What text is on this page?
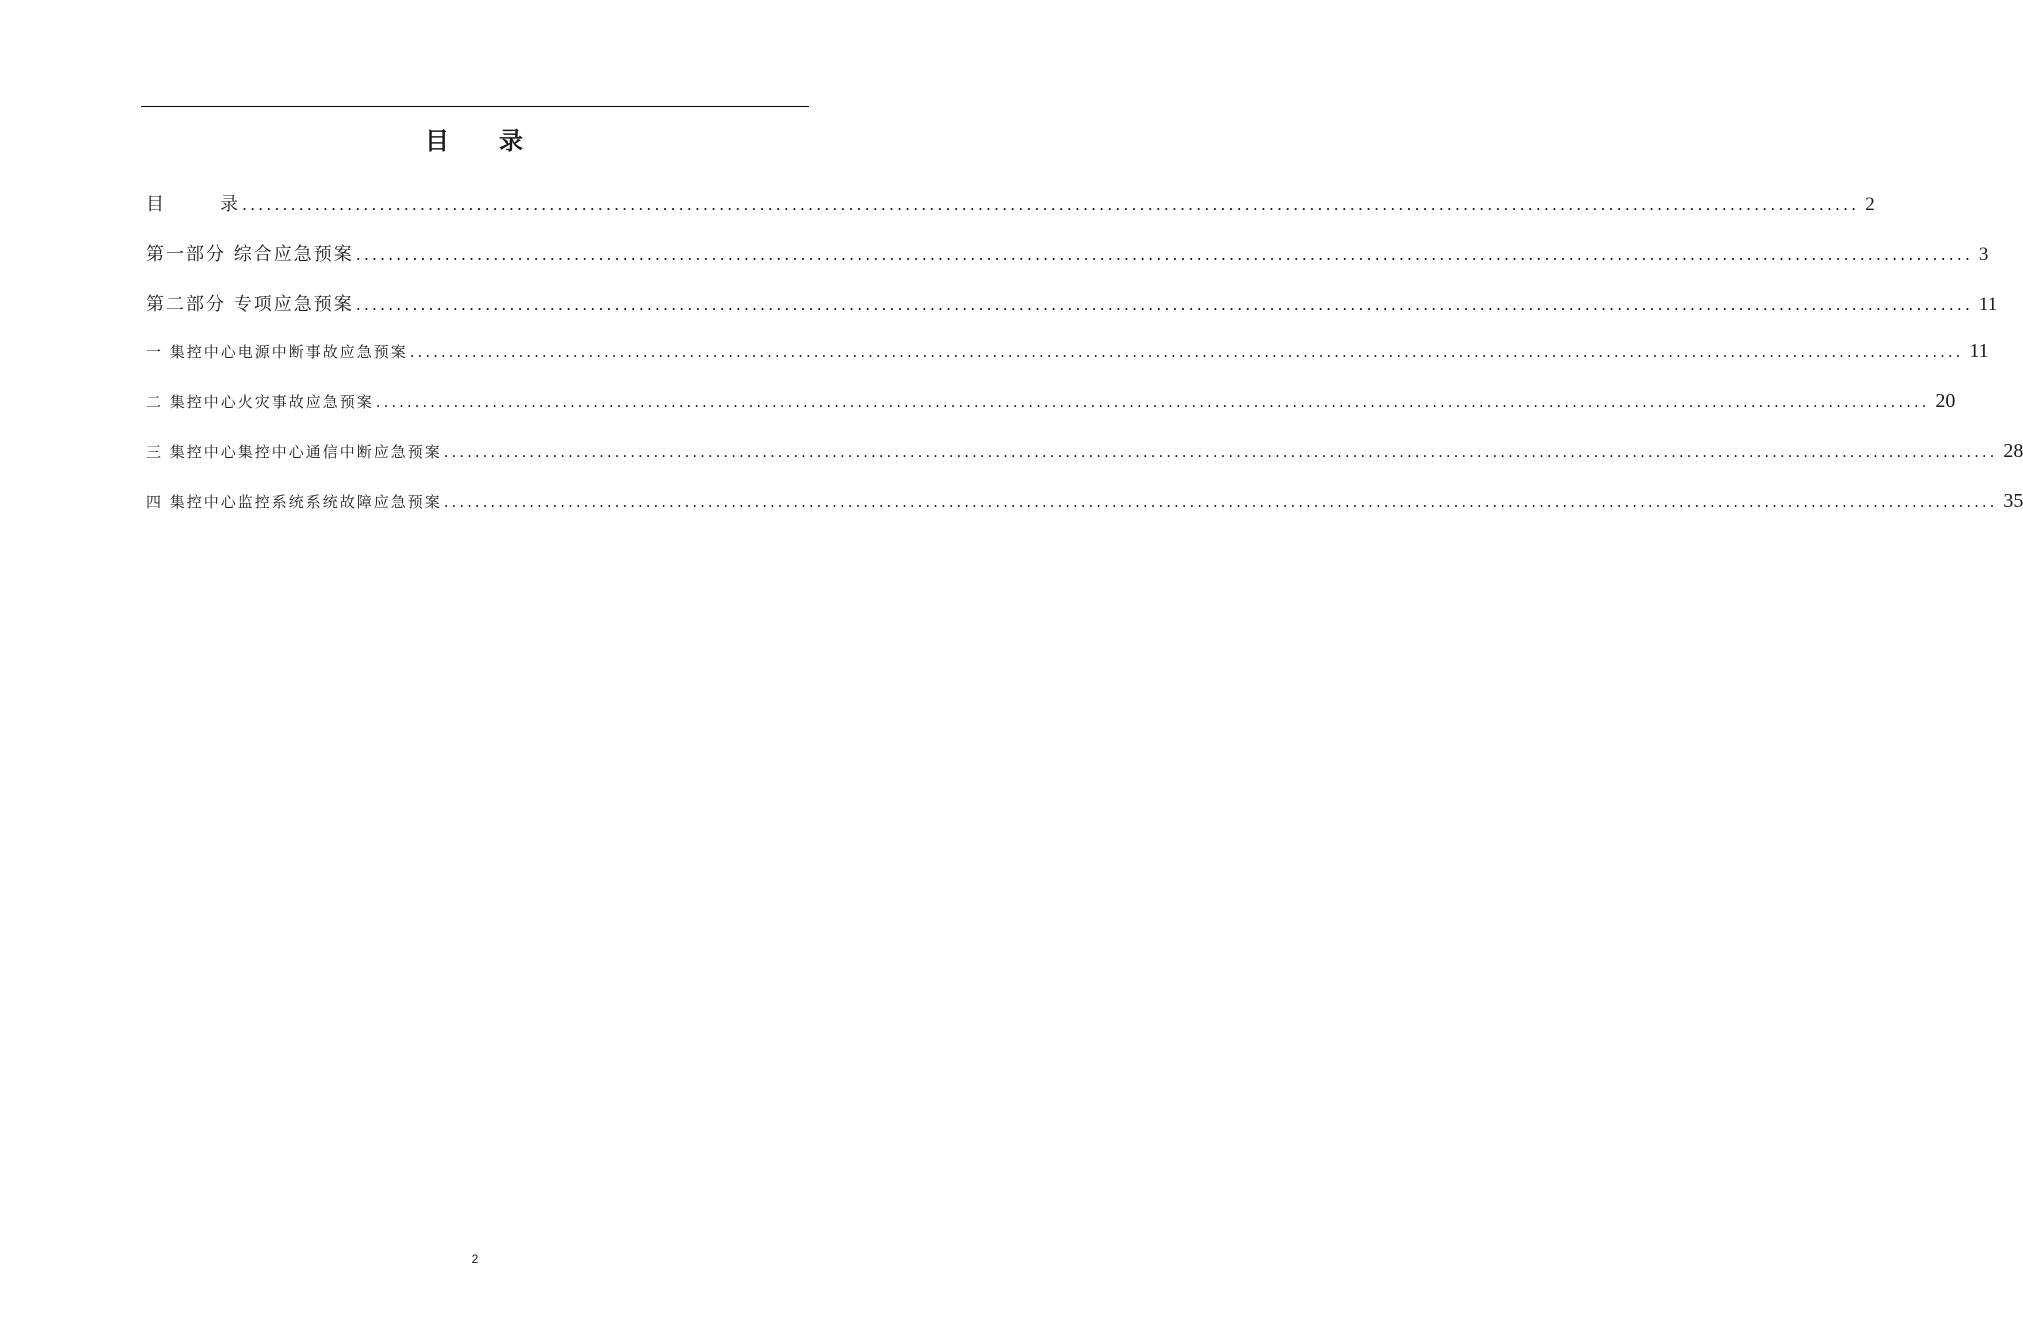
目 录
目	录 ........................................................................................................................................................................................................ 2
第一部分 综合应急预案 ........................................................................................................................................................................................................ 3
第二部分 专项应急预案 ........................................................................................................................................................................................................ 11
一 集控中心电源中断事故应急预案 ........................................................................................................................................................................................................ 11
二 集控中心火灾事故应急预案 ........................................................................................................................................................................................................ 20
三 集控中心集控中心通信中断应急预案 ........................................................................................................................................................................................................ 28
四 集控中心监控系统系统故障应急预案 ........................................................................................................................................................................................................ 35
2
